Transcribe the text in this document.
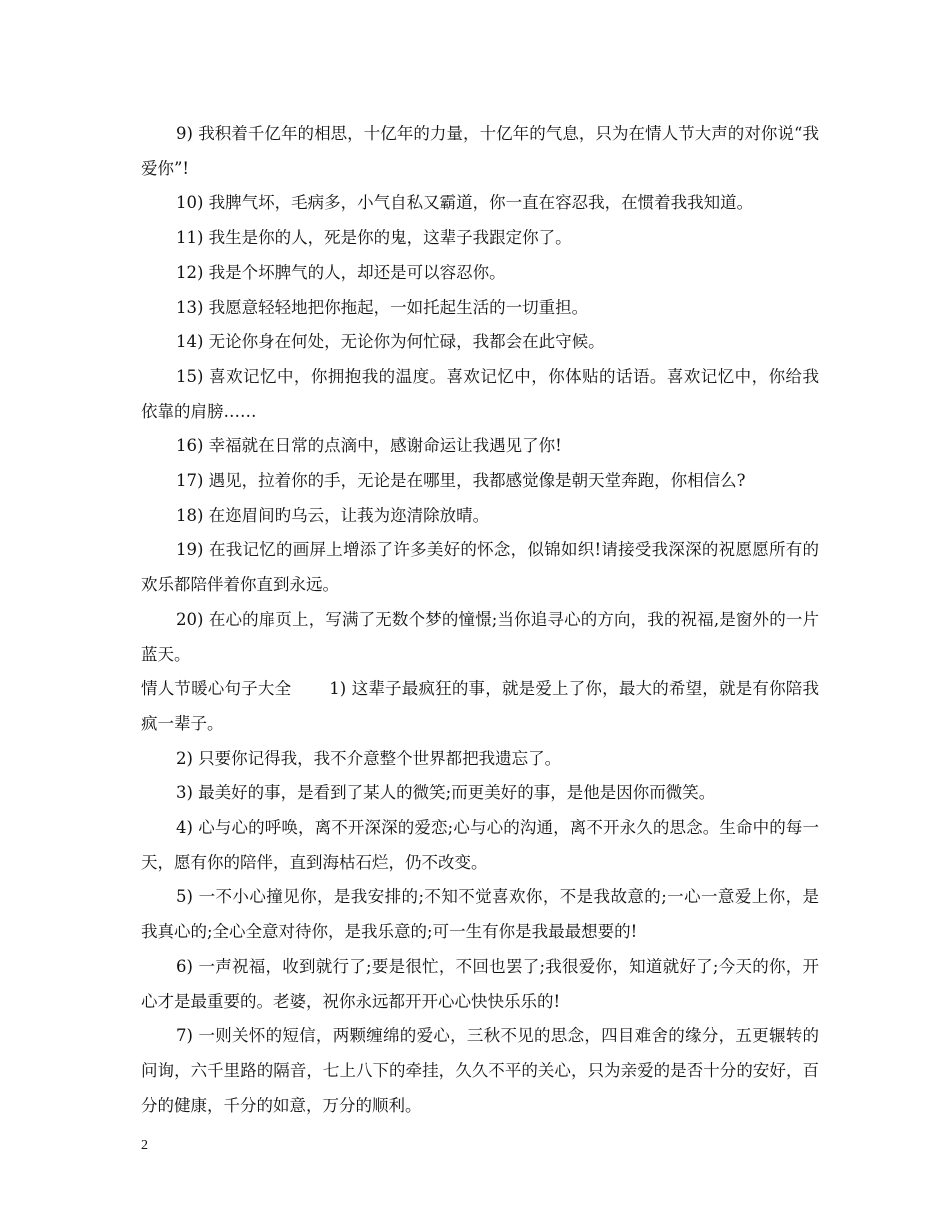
9) 我积着千亿年的相思，十亿年的力量，十亿年的气息，只为在情人节大声的对你说“我爱你”!

10) 我脾气坏，毛病多，小气自私又霸道，你一直在容忍我，在惯着我我知道。

11) 我生是你的人，死是你的鬼，这辈子我跟定你了。

12) 我是个坏脾气的人，却还是可以容忍你。

13) 我愿意轻轻地把你拖起，一如托起生活的一切重担。

14) 无论你身在何处，无论你为何忙碌，我都会在此守候。

15) 喜欢记忆中，你拥抱我的温度。喜欢记忆中，你体贴的话语。喜欢记忆中，你给我依靠的肩膀……

16) 幸福就在日常的点滴中，感谢命运让我遇见了你!

17) 遇见，拉着你的手，无论是在哪里，我都感觉像是朝天堂奔跑，你相信么?

18) 在迩眉间旳乌云，让莪为迩清除放晴。

19) 在我记忆的画屏上增添了许多美好的怀念，似锦如织!请接受我深深的祝愿愿所有的欢乐都陪伴着你直到永远。

20) 在心的扉页上，写满了无数个梦的憧憬;当你追寻心的方向，我的祝福,是窗外的一片蓝天。

情人节暖心句子大全 1) 这辈子最疯狂的事，就是爱上了你，最大的希望，就是有你陪我疯一辈子。

2) 只要你记得我，我不介意整个世界都把我遗忘了。

3) 最美好的事，是看到了某人的微笑;而更美好的事，是他是因你而微笑。

4) 心与心的呼唤，离不开深深的爱恋;心与心的沟通，离不开永久的思念。生命中的每一天，愿有你的陪伴，直到海枯石烂，仍不改变。

5) 一不小心撞见你，是我安排的;不知不觉喜欢你，不是我故意的;一心一意爱上你，是我真心的;全心全意对待你，是我乐意的;可一生有你是我最最想要的!

6) 一声祝福，收到就行了;要是很忙，不回也罢了;我很爱你，知道就好了;今天的你，开心才是最重要的。老婆，祝你永远都开开心心快快乐乐的!

7) 一则关怀的短信，两颗缠绵的爱心，三秋不见的思念，四目难舍的缘分，五更辗转的问询，六千里路的隔音，七上八下的牵挂，久久不平的关心，只为亲爱的是否十分的安好，百分的健康，千分的如意，万分的顺利。

2
